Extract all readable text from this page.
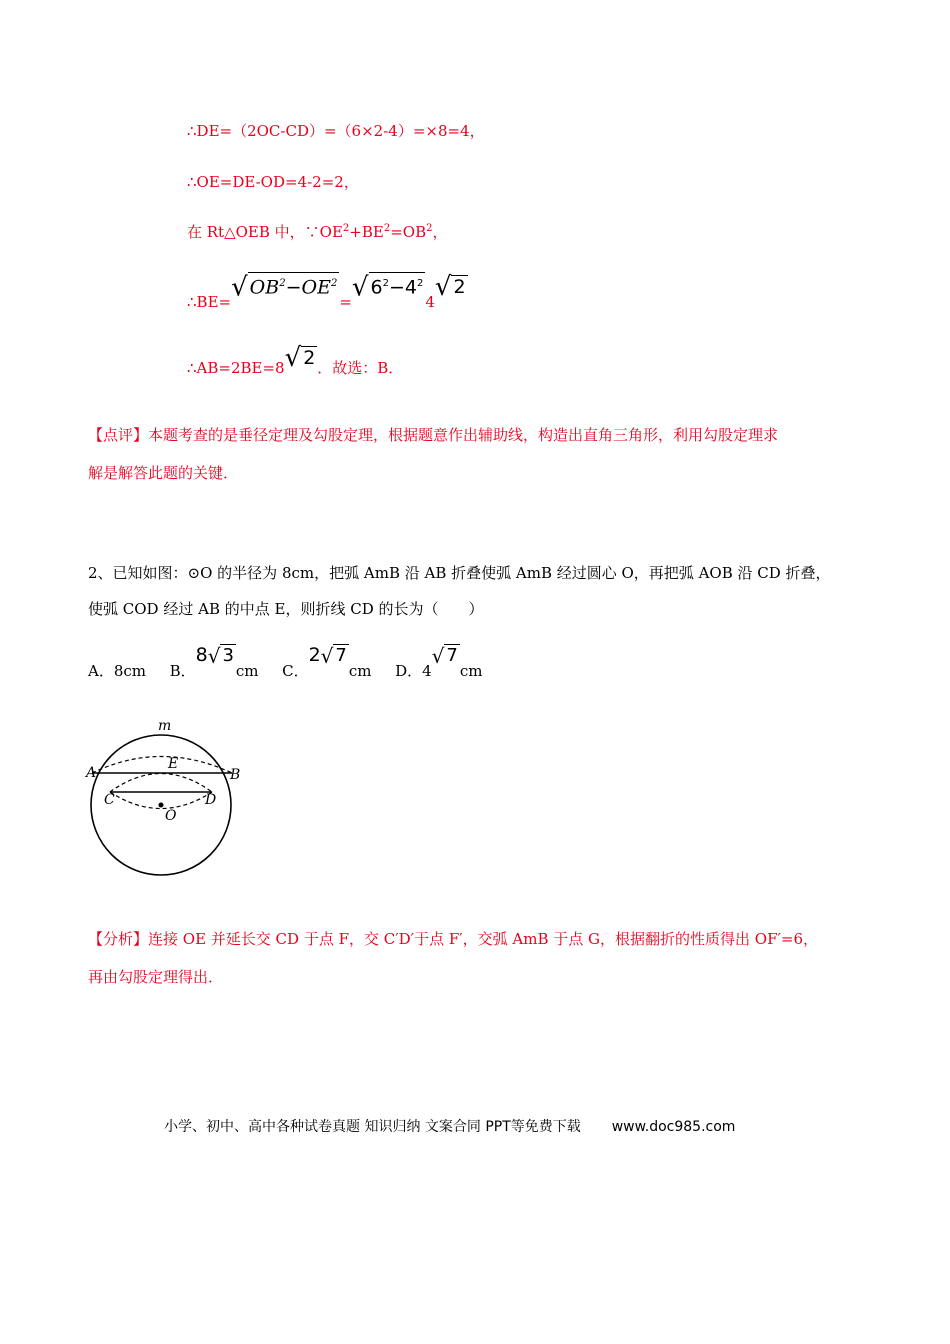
∴DE=（2OC-CD）=（6×2-4）=×8=4，
∴OE=DE-OD=4-2=2，
在 Rt△OEB 中，$\because OE^2+BE^2=OB^2$，
∴BE=√ $OB^2-OE^2=√$ $6^2-4^24√$ 2
∴AB=2BE=8√ 2 ．故选：B．
【点评】本题考查的是垂径定理及勾股定理，根据题意作出辅助线，构造出直角三角形，利用勾股定理求
解是解答此题的关键．
2、已知如图：⊙O 的半径为 8cm，把弧 AmB 沿 AB 折叠使弧 AmB 经过圆心 O，再把弧 AOB 沿 CD 折叠，
使弧 COD 经过 AB 的中点 E，则折线 CD 的长为（　　）
A．8cm B．8√ 3cm C．2√ 7cm D．4√ 7cm
m
A	B
E
C	D
O
【分析】连接 OE 并延长交 CD 于点 F，交 C′D′于点 F′，交弧 AmB 于点 G，根据翻折的性质得出 OF′=6，
再由勾股定理得出．
小学、初中、高中各种试卷真题 知识归纳 文案合同 PPT等免费下载 www.doc985.com
